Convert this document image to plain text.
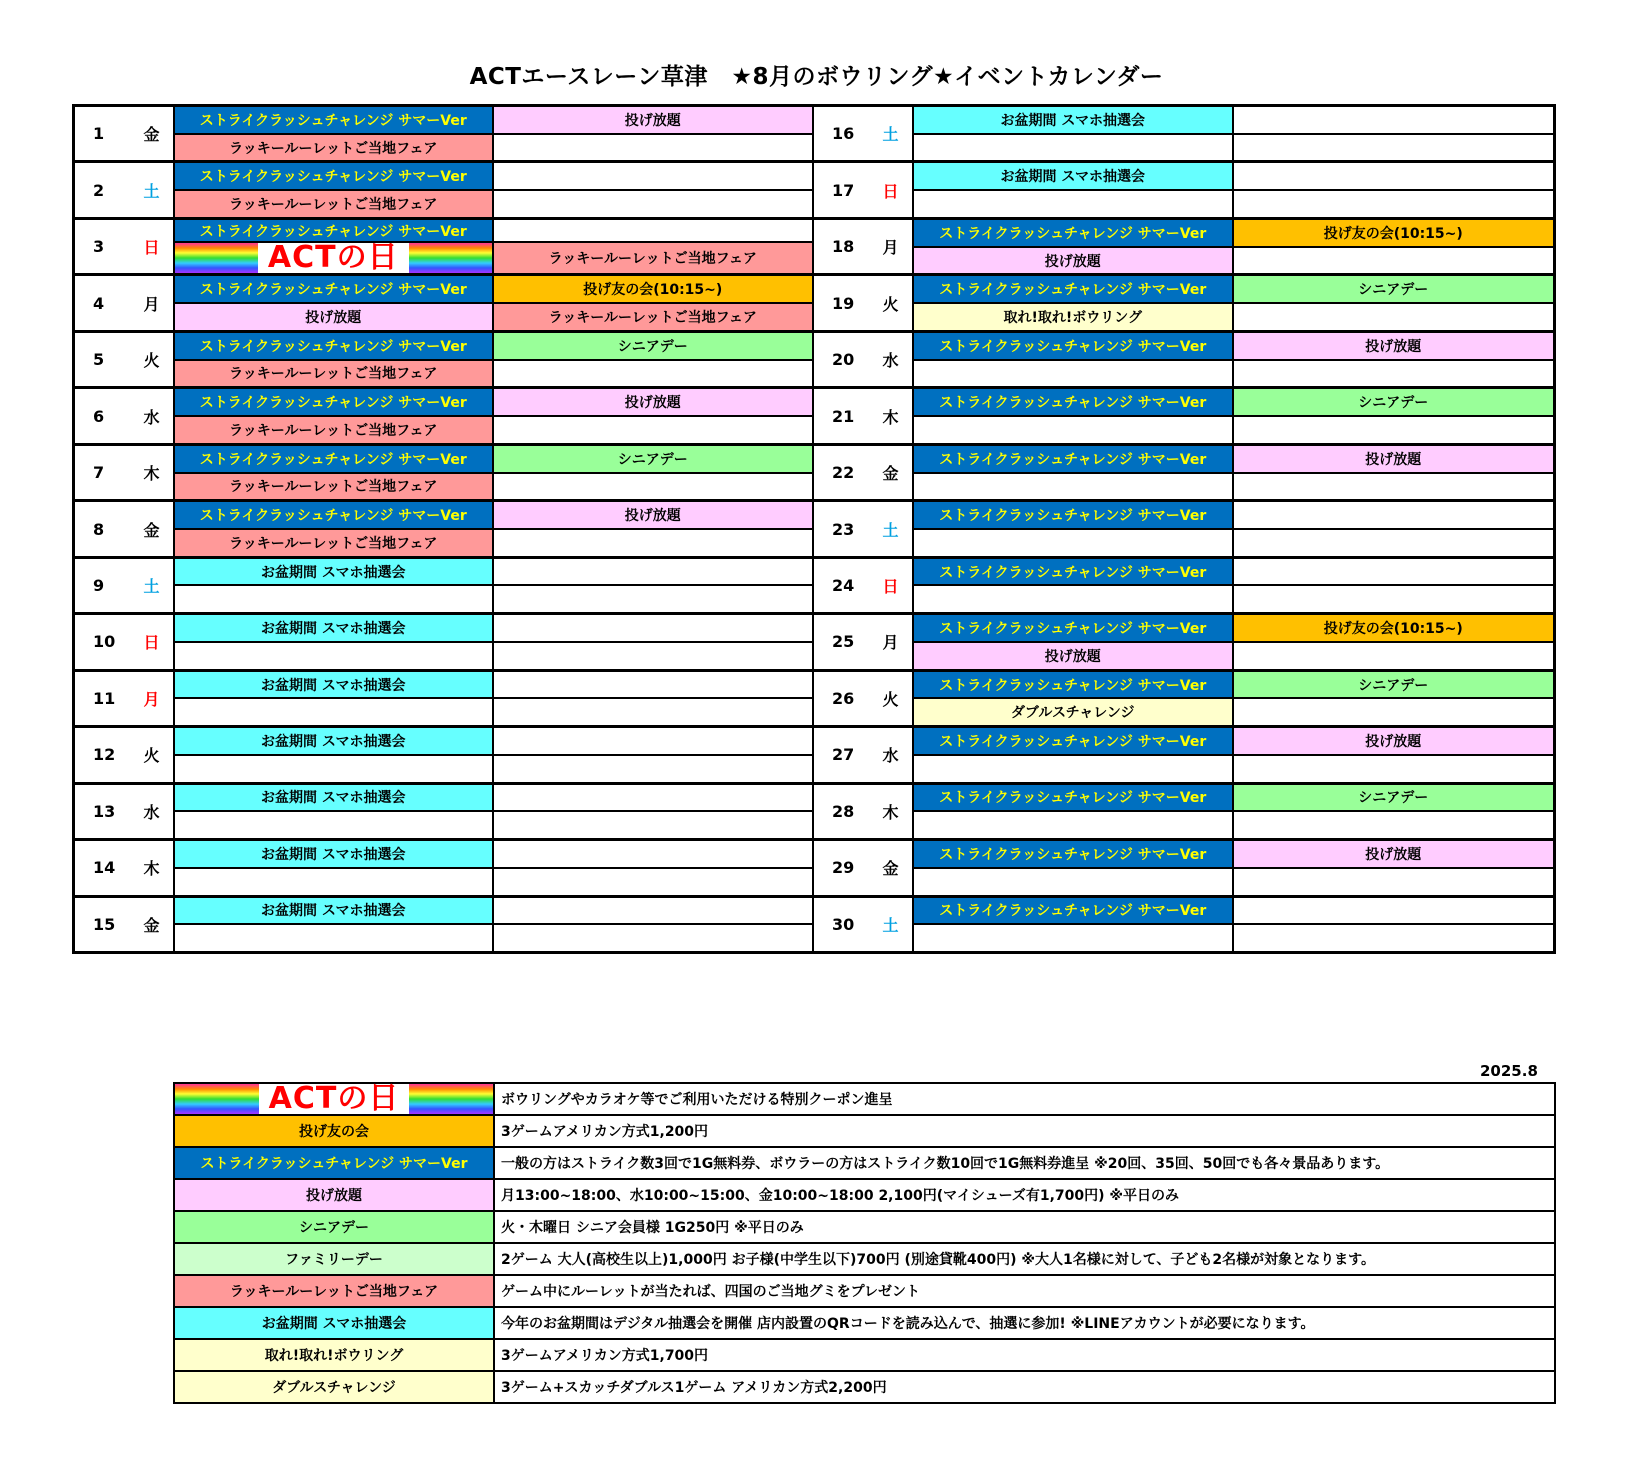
ACTエースレーン草津　★8月のボウリング★イベントカレンダー
1	金
ストライクラッシュチャレンジ サマーVer	投げ放題
ラッキールーレットご当地フェア
2	土
ストライクラッシュチャレンジ サマーVer
ラッキールーレットご当地フェア
3	日
ストライクラッシュチャレンジ サマーVer
ACTの日	ラッキールーレットご当地フェア
4	月
ストライクラッシュチャレンジ サマーVer	投げ友の会(10:15~)
投げ放題	ラッキールーレットご当地フェア
5	火
ストライクラッシュチャレンジ サマーVer	シニアデー
ラッキールーレットご当地フェア
6	水
ストライクラッシュチャレンジ サマーVer	投げ放題
ラッキールーレットご当地フェア
7	木
ストライクラッシュチャレンジ サマーVer	シニアデー
ラッキールーレットご当地フェア
8	金
ストライクラッシュチャレンジ サマーVer	投げ放題
ラッキールーレットご当地フェア
9	土
お盆期間 スマホ抽選会
10	日
お盆期間 スマホ抽選会
11	月
お盆期間 スマホ抽選会
12	火
お盆期間 スマホ抽選会
13	水
お盆期間 スマホ抽選会
14	木
お盆期間 スマホ抽選会
15	金
お盆期間 スマホ抽選会
16	土
お盆期間 スマホ抽選会
17	日
お盆期間 スマホ抽選会
18	月
ストライクラッシュチャレンジ サマーVer	投げ友の会(10:15~)
投げ放題
19	火
ストライクラッシュチャレンジ サマーVer	シニアデー
取れ!取れ!ボウリング
20	水
ストライクラッシュチャレンジ サマーVer	投げ放題
21	木
ストライクラッシュチャレンジ サマーVer	シニアデー
22	金
ストライクラッシュチャレンジ サマーVer	投げ放題
23	土
ストライクラッシュチャレンジ サマーVer
24	日
ストライクラッシュチャレンジ サマーVer
25	月
ストライクラッシュチャレンジ サマーVer	投げ友の会(10:15~)
投げ放題
26	火
ストライクラッシュチャレンジ サマーVer	シニアデー
ダブルスチャレンジ
27	水
ストライクラッシュチャレンジ サマーVer	投げ放題
28	木
ストライクラッシュチャレンジ サマーVer	シニアデー
29	金
ストライクラッシュチャレンジ サマーVer	投げ放題
30	土
ストライクラッシュチャレンジ サマーVer
2025.8
ACTの日	ボウリングやカラオケ等でご利用いただける特別クーポン進呈
投げ友の会	3ゲームアメリカン方式1,200円
ストライクラッシュチャレンジ サマーVer	一般の方はストライク数3回で1G無料券、ボウラーの方はストライク数10回で1G無料券進呈 ※20回、35回、50回でも各々景品あります。
投げ放題	月13:00~18:00、水10:00~15:00、金10:00~18:00 2,100円(マイシューズ有1,700円) ※平日のみ
シニアデー	火・木曜日 シニア会員様 1G250円 ※平日のみ
ファミリーデー	2ゲーム 大人(高校生以上)1,000円 お子様(中学生以下)700円 (別途貸靴400円) ※大人1名様に対して、子ども2名様が対象となります。
ラッキールーレットご当地フェア	ゲーム中にルーレットが当たれば、四国のご当地グミをプレゼント
お盆期間 スマホ抽選会	今年のお盆期間はデジタル抽選会を開催 店内設置のQRコードを読み込んで、抽選に参加! ※LINEアカウントが必要になります。
取れ!取れ!ボウリング	3ゲームアメリカン方式1,700円
ダブルスチャレンジ	3ゲーム+スカッチダブルス1ゲーム アメリカン方式2,200円
